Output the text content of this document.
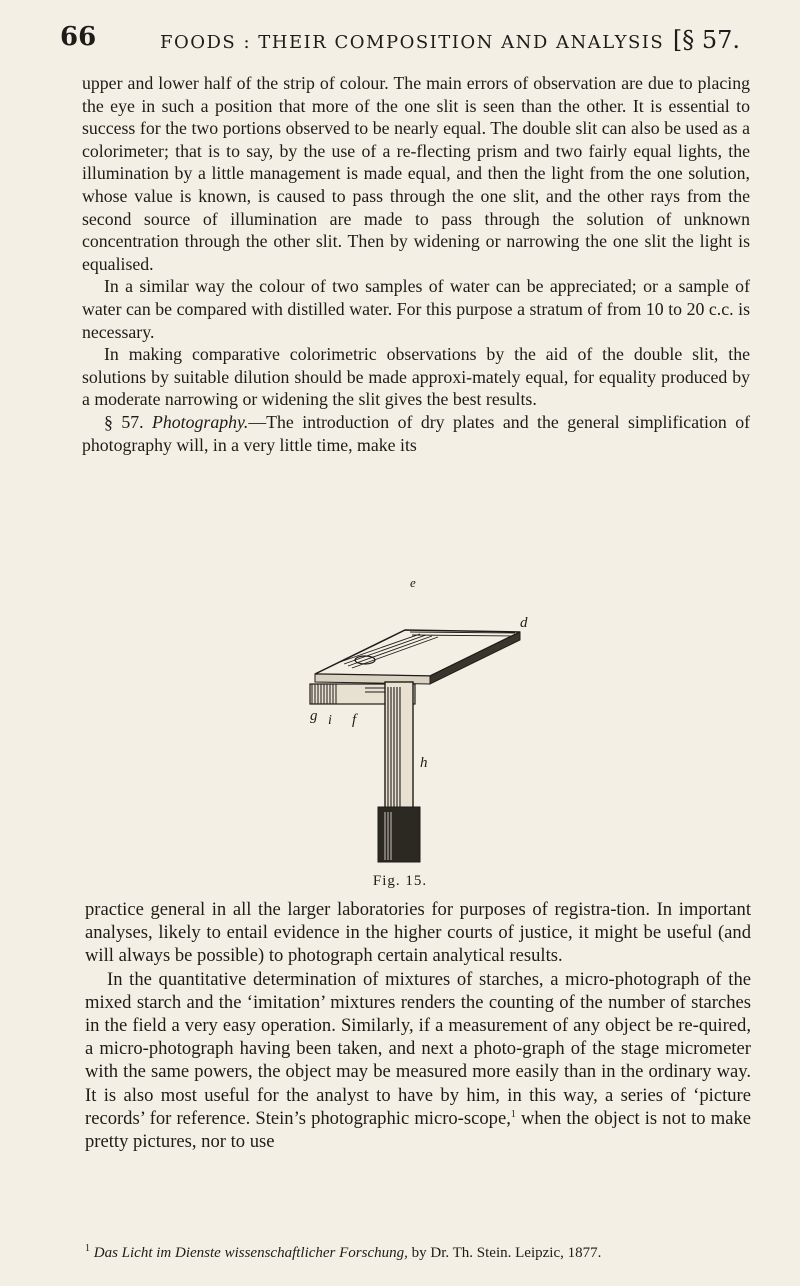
66	FOODS : THEIR COMPOSITION AND ANALYSIS [§ 57.

upper and lower half of the strip of colour. The main errors of observation are due to placing the eye in such a position that more of the one slit is seen than the other. It is essential to success for the two portions observed to be nearly equal. The double slit can also be used as a colorimeter; that is to say, by the use of a re-flecting prism and two fairly equal lights, the illumination by a little management is made equal, and then the light from the one solution, whose value is known, is caused to pass through the one slit, and the other rays from the second source of illumination are made to pass through the solution of unknown concentration through the other slit. Then by widening or narrowing the one slit the light is equalised.

In a similar way the colour of two samples of water can be appreciated; or a sample of water can be compared with distilled water. For this purpose a stratum of from 10 to 20 c.c. is necessary.

In making comparative colorimetric observations by the aid of the double slit, the solutions by suitable dilution should be made approxi-mately equal, for equality produced by a moderate narrowing or widening the slit gives the best results.

§ 57. Photography.—The introduction of dry plates and the general simplification of photography will, in a very little time, make its

e
d
g i f
h
Fig. 15.

practice general in all the larger laboratories for purposes of registra-tion. In important analyses, likely to entail evidence in the higher courts of justice, it might be useful (and will always be possible) to photograph certain analytical results.

In the quantitative determination of mixtures of starches, a micro-photograph of the mixed starch and the ‘imitation’ mixtures renders the counting of the number of starches in the field a very easy operation. Similarly, if a measurement of any object be re-quired, a micro-photograph having been taken, and next a photo-graph of the stage micrometer with the same powers, the object may be measured more easily than in the ordinary way. It is also most useful for the analyst to have by him, in this way, a series of ‘picture records’ for reference. Stein’s photographic micro-scope,$^1$ when the object is not to make pretty pictures, nor to use

$^1$ Das Licht im Dienste wissenschaftlicher Forschung, by Dr. Th. Stein. Leipzic, 1877.
